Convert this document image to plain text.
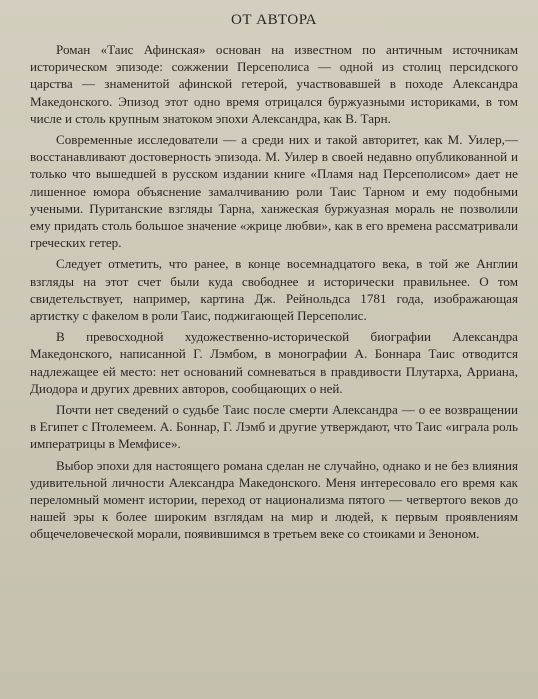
ОТ АВТОРА

Роман «Таис Афинская» основан на известном по античным источникам историческом эпизоде: сожжении Персеполиса — одной из столиц персидского царства — знаменитой афинской гетерой, участвовавшей в походе Александра Македонского. Эпизод этот одно время отрицался буржуазными историками, в том числе и столь крупным знатоком эпохи Александра, как В. Тарн.

Современные исследователи — а среди них и такой авторитет, как М. Уилер,— восстанавливают достоверность эпизода. М. Уилер в своей недавно опубликованной и только что вышедшей в русском издании книге «Пламя над Персеполисом» дает не лишенное юмора объяснение замалчиванию роли Таис Тарном и ему подобными учеными. Пуританские взгляды Тарна, ханжеская буржуазная мораль не позволили ему придать столь большое значение «жрице любви», как в его времена рассматривали греческих гетер.

Следует отметить, что ранее, в конце восемнадцатого века, в той же Англии взгляды на этот счет были куда свободнее и исторически правильнее. О том свидетельствует, например, картина Дж. Рейнольдса 1781 года, изображающая артистку с факелом в роли Таис, поджигающей Персеполис.

В превосходной художественно-исторической биографии Александра Македонского, написанной Г. Лэмбом, в монографии А. Боннара Таис отводится надлежащее ей место: нет оснований сомневаться в правдивости Плутарха, Арриана, Диодора и других древних авторов, сообщающих о ней.

Почти нет сведений о судьбе Таис после смерти Александра — о ее возвращении в Египет с Птолемеем. А. Боннар, Г. Лэмб и другие утверждают, что Таис «играла роль императрицы в Мемфисе».

Выбор эпохи для настоящего романа сделан не случайно, однако и не без влияния удивительной личности Александра Македонского. Меня интересовало его время как переломный момент истории, переход от национализма пятого — четвертого веков до нашей эры к более широким взглядам на мир и людей, к первым проявлениям общечеловеческой морали, появившимся в третьем веке со стоиками и Зеноном.
